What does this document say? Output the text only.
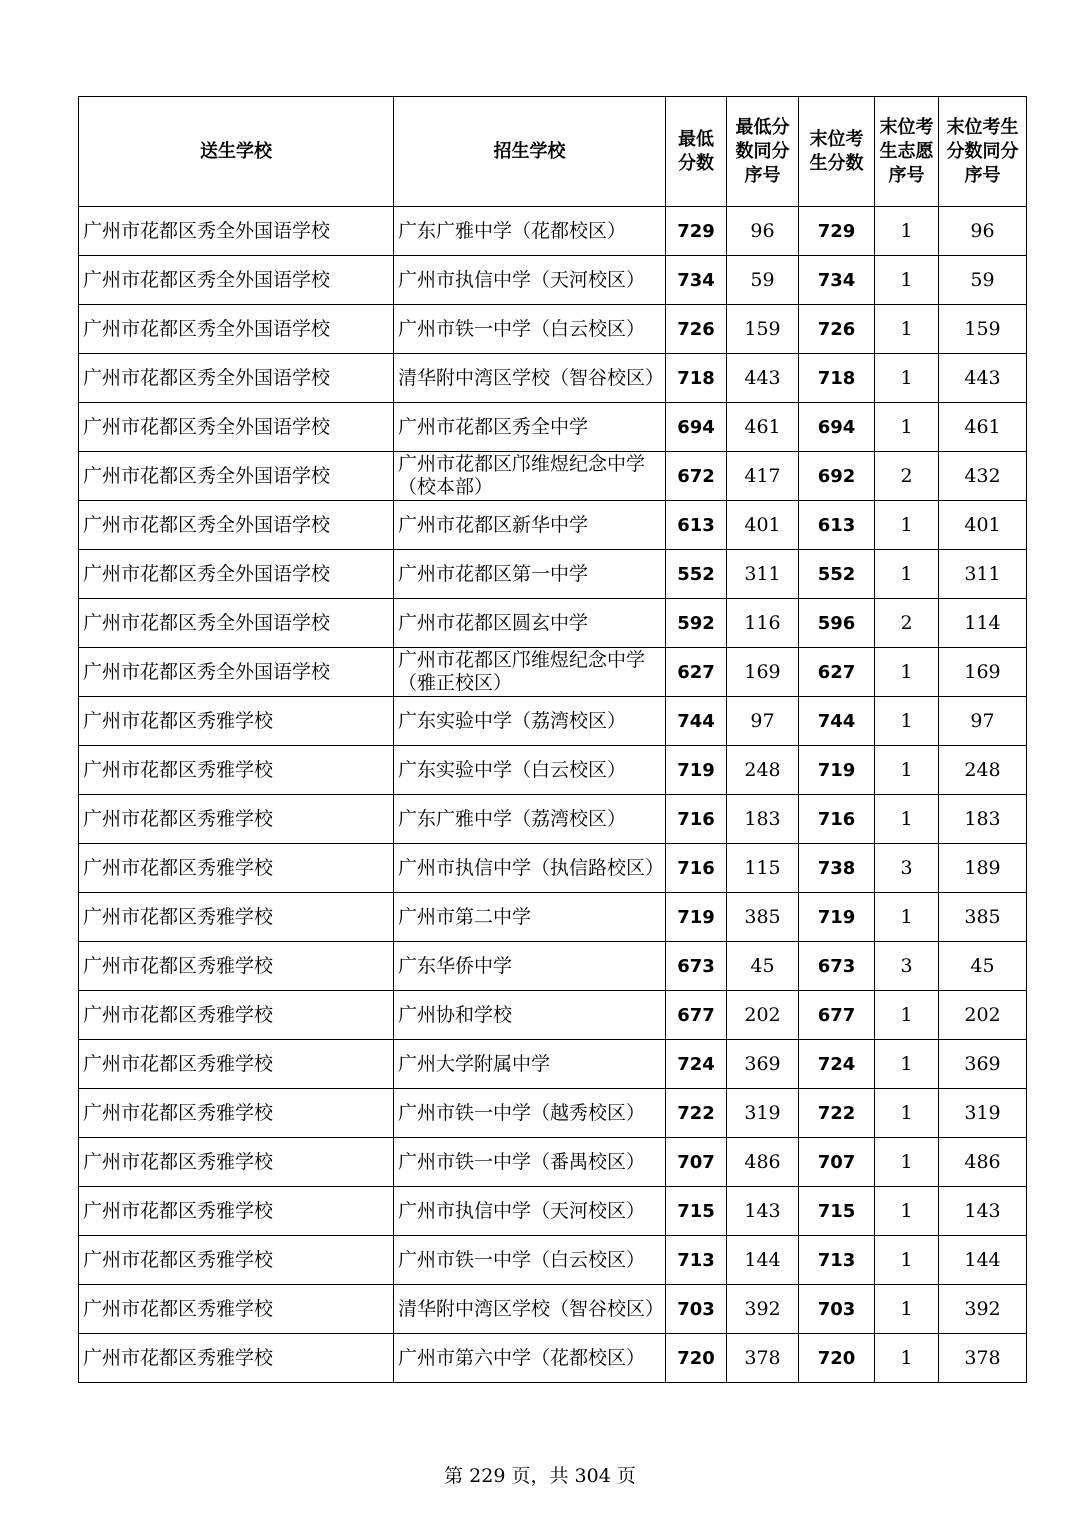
送生学校	招生学校	最低分数	最低分数同分序号	末位考生分数	末位考生志愿序号	末位考生分数同分序号
广州市花都区秀全外国语学校	广东广雅中学（花都校区）	729	96	729	1	96
广州市花都区秀全外国语学校	广州市执信中学（天河校区）	734	59	734	1	59
广州市花都区秀全外国语学校	广州市铁一中学（白云校区）	726	159	726	1	159
广州市花都区秀全外国语学校	清华附中湾区学校（智谷校区）	718	443	718	1	443
广州市花都区秀全外国语学校	广州市花都区秀全中学	694	461	694	1	461
广州市花都区秀全外国语学校	广州市花都区邝维煜纪念中学（校本部）	672	417	692	2	432
广州市花都区秀全外国语学校	广州市花都区新华中学	613	401	613	1	401
广州市花都区秀全外国语学校	广州市花都区第一中学	552	311	552	1	311
广州市花都区秀全外国语学校	广州市花都区圆玄中学	592	116	596	2	114
广州市花都区秀全外国语学校	广州市花都区邝维煜纪念中学（雅正校区）	627	169	627	1	169
广州市花都区秀雅学校	广东实验中学（荔湾校区）	744	97	744	1	97
广州市花都区秀雅学校	广东实验中学（白云校区）	719	248	719	1	248
广州市花都区秀雅学校	广东广雅中学（荔湾校区）	716	183	716	1	183
广州市花都区秀雅学校	广州市执信中学（执信路校区）	716	115	738	3	189
广州市花都区秀雅学校	广州市第二中学	719	385	719	1	385
广州市花都区秀雅学校	广东华侨中学	673	45	673	3	45
广州市花都区秀雅学校	广州协和学校	677	202	677	1	202
广州市花都区秀雅学校	广州大学附属中学	724	369	724	1	369
广州市花都区秀雅学校	广州市铁一中学（越秀校区）	722	319	722	1	319
广州市花都区秀雅学校	广州市铁一中学（番禺校区）	707	486	707	1	486
广州市花都区秀雅学校	广州市执信中学（天河校区）	715	143	715	1	143
广州市花都区秀雅学校	广州市铁一中学（白云校区）	713	144	713	1	144
广州市花都区秀雅学校	清华附中湾区学校（智谷校区）	703	392	703	1	392
广州市花都区秀雅学校	广州市第六中学（花都校区）	720	378	720	1	378
第 229 页，共 304 页
